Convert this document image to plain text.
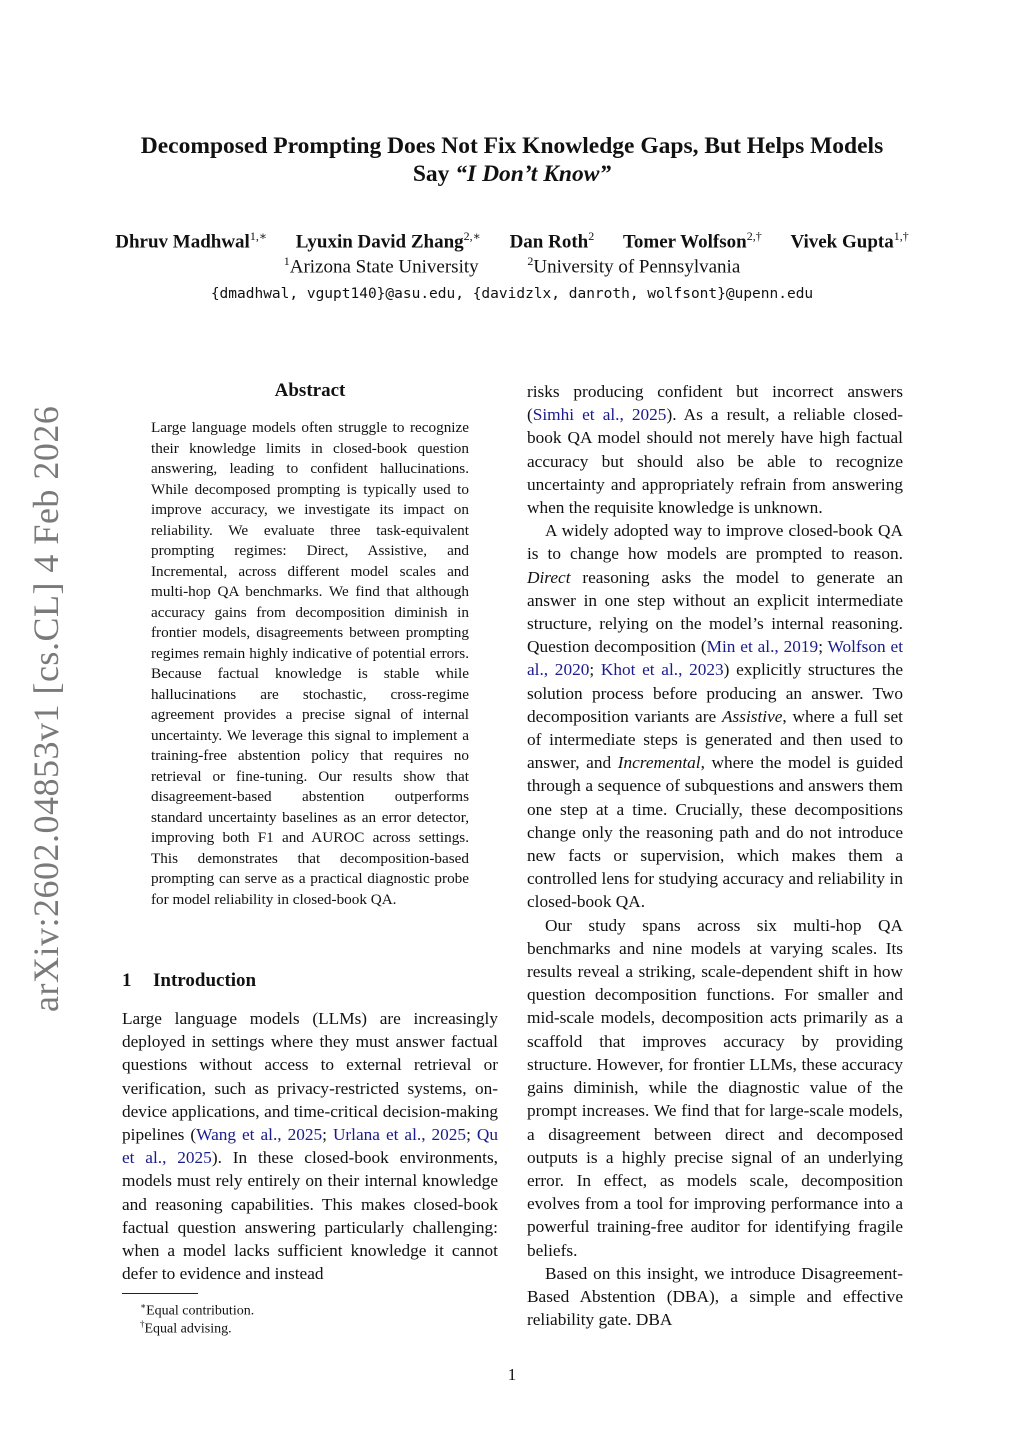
arXiv:2602.04853v1 [cs.CL] 4 Feb 2026
Decomposed Prompting Does Not Fix Knowledge Gaps, But Helps Models
Say “I Don’t Know”
Dhruv Madhwal$^{1,∗}$ Lyuxin David Zhang$^{2,∗}$ Dan Roth$^2$ Tomer Wolfson$^{2,\dagger}$ Vivek Gupta$^{1,\dagger}$
$^1$Arizona State University	$^2$University of Pennsylvania
{dmadhwal, vgupt140}@asu.edu, {davidzlx, danroth, wolfsont}@upenn.edu
Abstract
Large language models often struggle to recognize their knowledge limits in closed-book question answering, leading to confident hallucinations. While decomposed prompting is typically used to improve accuracy, we investigate its impact on reliability. We evaluate three task-equivalent prompting regimes: Direct, Assistive, and Incremental, across different model scales and multi-hop QA benchmarks. We find that although accuracy gains from decomposition diminish in frontier models, disagreements between prompting regimes remain highly indicative of potential errors. Because factual knowledge is stable while hallucinations are stochastic, cross-regime agreement provides a precise signal of internal uncertainty. We leverage this signal to implement a training-free abstention policy that requires no retrieval or fine-tuning. Our results show that disagreement-based abstention outperforms standard uncertainty baselines as an error detector, improving both F1 and AUROC across settings. This demonstrates that decomposition-based prompting can serve as a practical diagnostic probe for model reliability in closed-book QA.
1 Introduction
Large language models (LLMs) are increasingly deployed in settings where they must answer factual questions without access to external retrieval or verification, such as privacy-restricted systems, on-device applications, and time-critical decision-making pipelines (Wang et al., 2025; Urlana et al., 2025; Qu et al., 2025). In these closed-book environments, models must rely entirely on their internal knowledge and reasoning capabilities. This makes closed-book factual question answering particularly challenging: when a model lacks sufficient knowledge it cannot defer to evidence and instead

risks producing confident but incorrect answers (Simhi et al., 2025). As a result, a reliable closed-book QA model should not merely have high factual accuracy but should also be able to recognize uncertainty and appropriately refrain from answering when the requisite knowledge is unknown.

A widely adopted way to improve closed-book QA is to change how models are prompted to reason. Direct reasoning asks the model to generate an answer in one step without an explicit intermediate structure, relying on the model’s internal reasoning. Question decomposition (Min et al., 2019; Wolfson et al., 2020; Khot et al., 2023) explicitly structures the solution process before producing an answer. Two decomposition variants are Assistive, where a full set of intermediate steps is generated and then used to answer, and Incremental, where the model is guided through a sequence of subquestions and answers them one step at a time. Crucially, these decompositions change only the reasoning path and do not introduce new facts or supervision, which makes them a controlled lens for studying accuracy and reliability in closed-book QA.

Our study spans across six multi-hop QA benchmarks and nine models at varying scales. Its results reveal a striking, scale-dependent shift in how question decomposition functions. For smaller and mid-scale models, decomposition acts primarily as a scaffold that improves accuracy by providing structure. However, for frontier LLMs, these accuracy gains diminish, while the diagnostic value of the prompt increases. We find that for large-scale models, a disagreement between direct and decomposed outputs is a highly precise signal of an underlying error. In effect, as models scale, decomposition evolves from a tool for improving performance into a powerful training-free auditor for identifying fragile beliefs.

Based on this insight, we introduce Disagreement-Based Abstention (DBA), a simple and effective reliability gate. DBA

∗Equal contribution.
†Equal advising.
1
